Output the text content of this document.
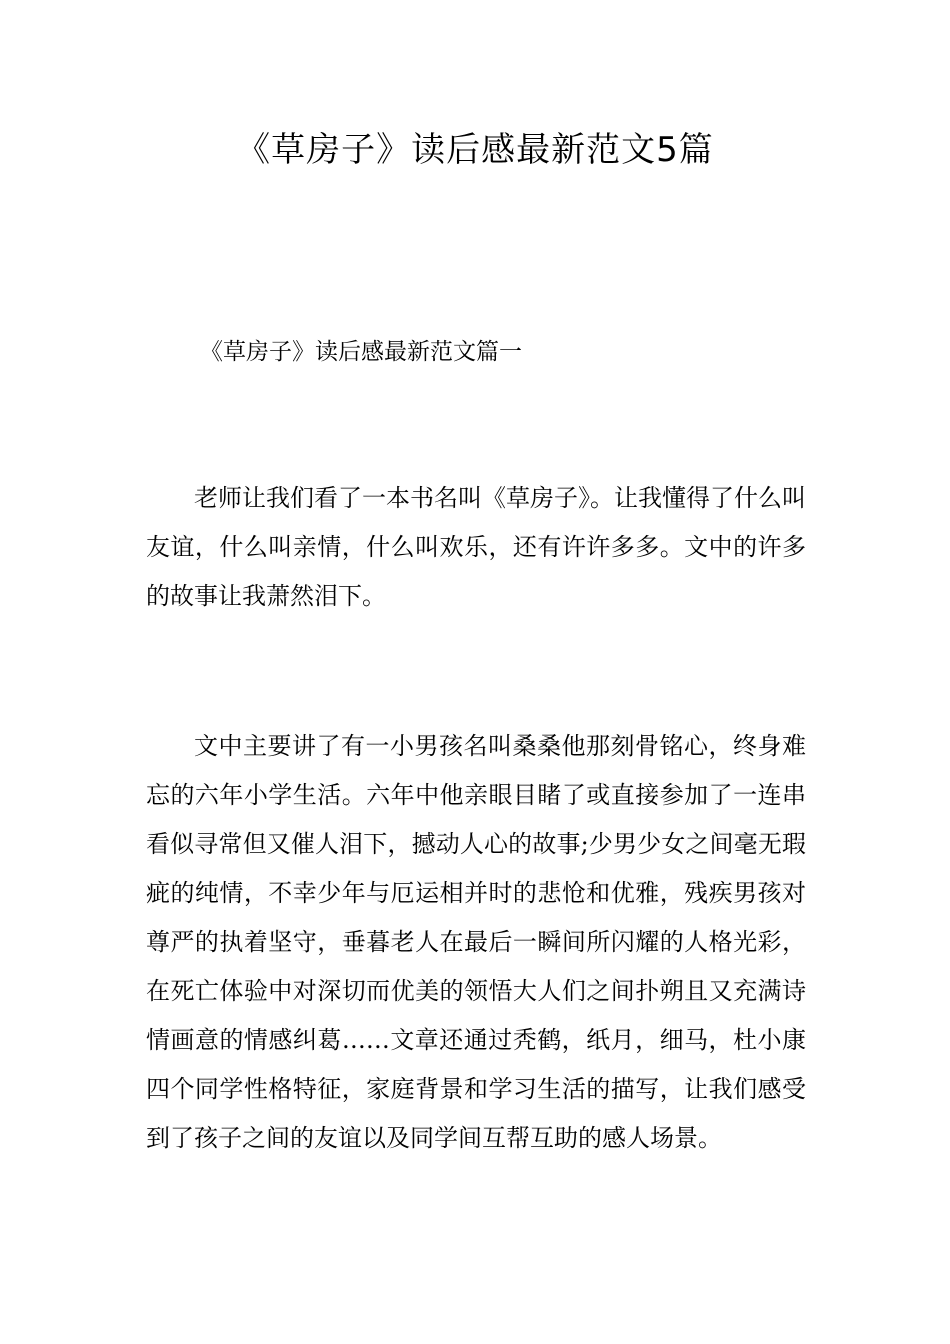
《草房子》读后感最新范文5篇
《草房子》读后感最新范文篇一

老师让我们看了一本书名叫《草房子》。让我懂得了什么叫友谊，什么叫亲情，什么叫欢乐，还有许许多多。文中的许多的故事让我萧然泪下。

文中主要讲了有一小男孩名叫桑桑他那刻骨铭心，终身难忘的六年小学生活。六年中他亲眼目睹了或直接参加了一连串看似寻常但又催人泪下，撼动人心的故事;少男少女之间毫无瑕疵的纯情，不幸少年与厄运相并时的悲怆和优雅，残疾男孩对尊严的执着坚守，垂暮老人在最后一瞬间所闪耀的人格光彩，在死亡体验中对深切而优美的领悟大人们之间扑朔且又充满诗情画意的情感纠葛……文章还通过秃鹤，纸月，细马，杜小康四个同学性格特征，家庭背景和学习生活的描写，让我们感受到了孩子之间的友谊以及同学间互帮互助的感人场景。
